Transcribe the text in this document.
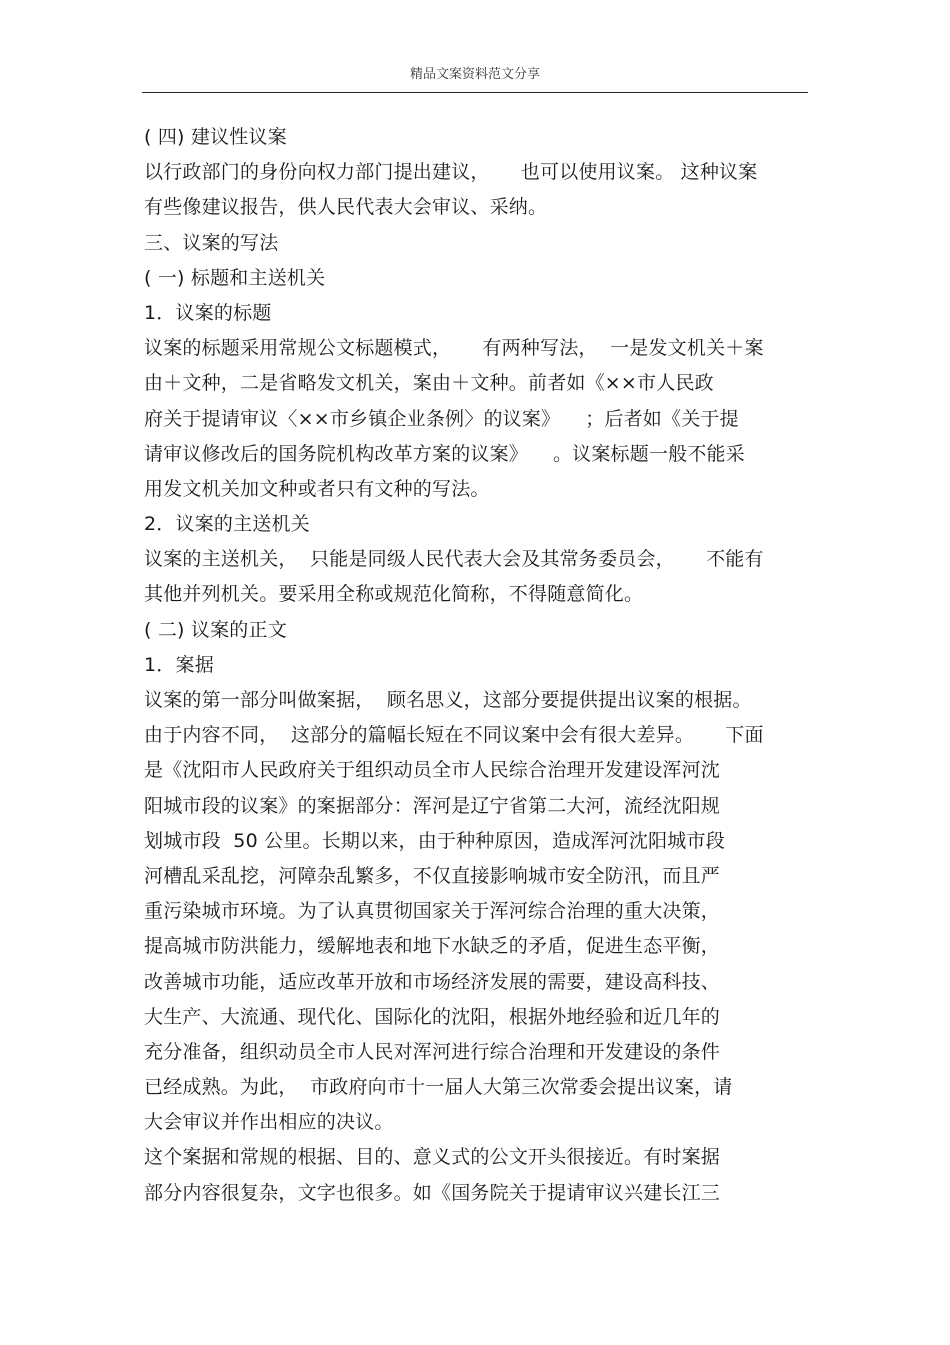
精品文案资料范文分享
( 四) 建议性议案
以行政部门的身份向权力部门提出建议，     也可以使用议案。 这种议案
有些像建议报告，供人民代表大会审议、采纳。
三、议案的写法
( 一) 标题和主送机关
1．议案的标题
议案的标题采用常规公文标题模式，     有两种写法，  一是发文机关＋案
由＋文种，二是省略发文机关，案由＋文种。前者如《××市人民政
府关于提请审议〈××市乡镇企业条例〉的议案》    ；后者如《关于提
请审议修改后的国务院机构改革方案的议案》    。议案标题一般不能采
用发文机关加文种或者只有文种的写法。
2．议案的主送机关
议案的主送机关，  只能是同级人民代表大会及其常务委员会，     不能有
其他并列机关。要采用全称或规范化简称，不得随意简化。
( 二) 议案的正文
1．案据
议案的第一部分叫做案据，  顾名思义，这部分要提供提出议案的根据。
由于内容不同，  这部分的篇幅长短在不同议案中会有很大差异。     下面
是《沈阳市人民政府关于组织动员全市人民综合治理开发建设浑河沈
阳城市段的议案》的案据部分：浑河是辽宁省第二大河，流经沈阳规
划城市段  50 公里。长期以来，由于种种原因，造成浑河沈阳城市段
河槽乱采乱挖，河障杂乱繁多，不仅直接影响城市安全防汛，而且严
重污染城市环境。为了认真贯彻国家关于浑河综合治理的重大决策，
提高城市防洪能力，缓解地表和地下水缺乏的矛盾，促进生态平衡，
改善城市功能，适应改革开放和市场经济发展的需要，建设高科技、
大生产、大流通、现代化、国际化的沈阳，根据外地经验和近几年的
充分准备，组织动员全市人民对浑河进行综合治理和开发建设的条件
已经成熟。为此，  市政府向市十一届人大第三次常委会提出议案，请
大会审议并作出相应的决议。
这个案据和常规的根据、目的、意义式的公文开头很接近。有时案据
部分内容很复杂，文字也很多。如《国务院关于提请审议兴建长江三
